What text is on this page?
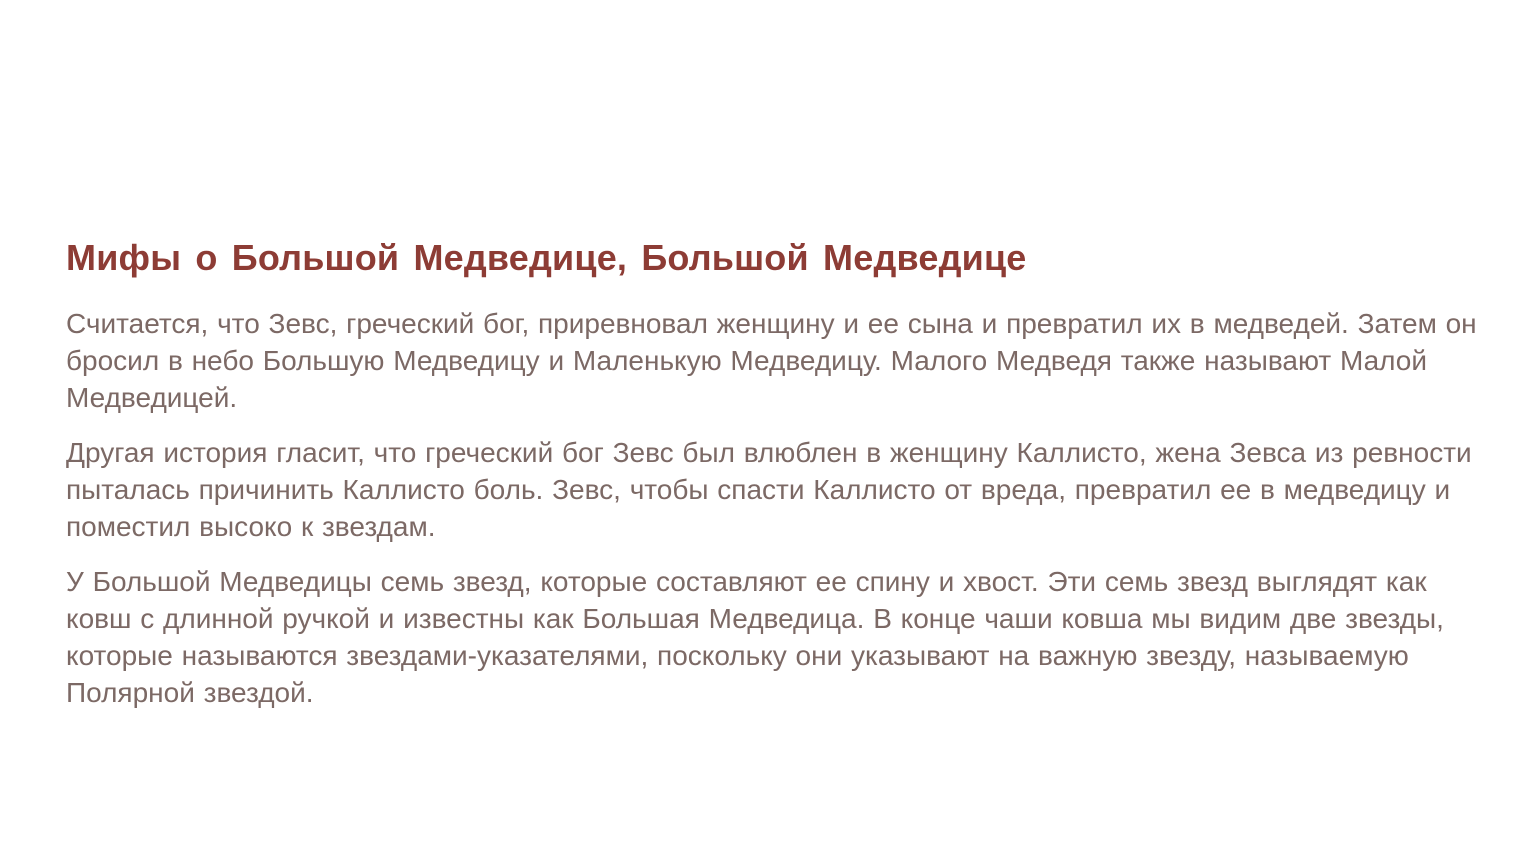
Мифы о Большой Медведице, Большой Медведице

Считается, что Зевс, греческий бог, приревновал женщину и ее сына и превратил их в медведей. Затем он бросил в небо Большую Медведицу и Маленькую Медведицу. Малого Медведя также называют Малой Медведицей.

Другая история гласит, что греческий бог Зевс был влюблен в женщину Каллисто, жена Зевса из ревности пыталась причинить Каллисто боль. Зевс, чтобы спасти Каллисто от вреда, превратил ее в медведицу и поместил высоко к звездам.

У Большой Медведицы семь звезд, которые составляют ее спину и хвост. Эти семь звезд выглядят как ковш с длинной ручкой и известны как Большая Медведица. В конце чаши ковша мы видим две звезды, которые называются звездами-указателями, поскольку они указывают на важную звезду, называемую Полярной звездой.
